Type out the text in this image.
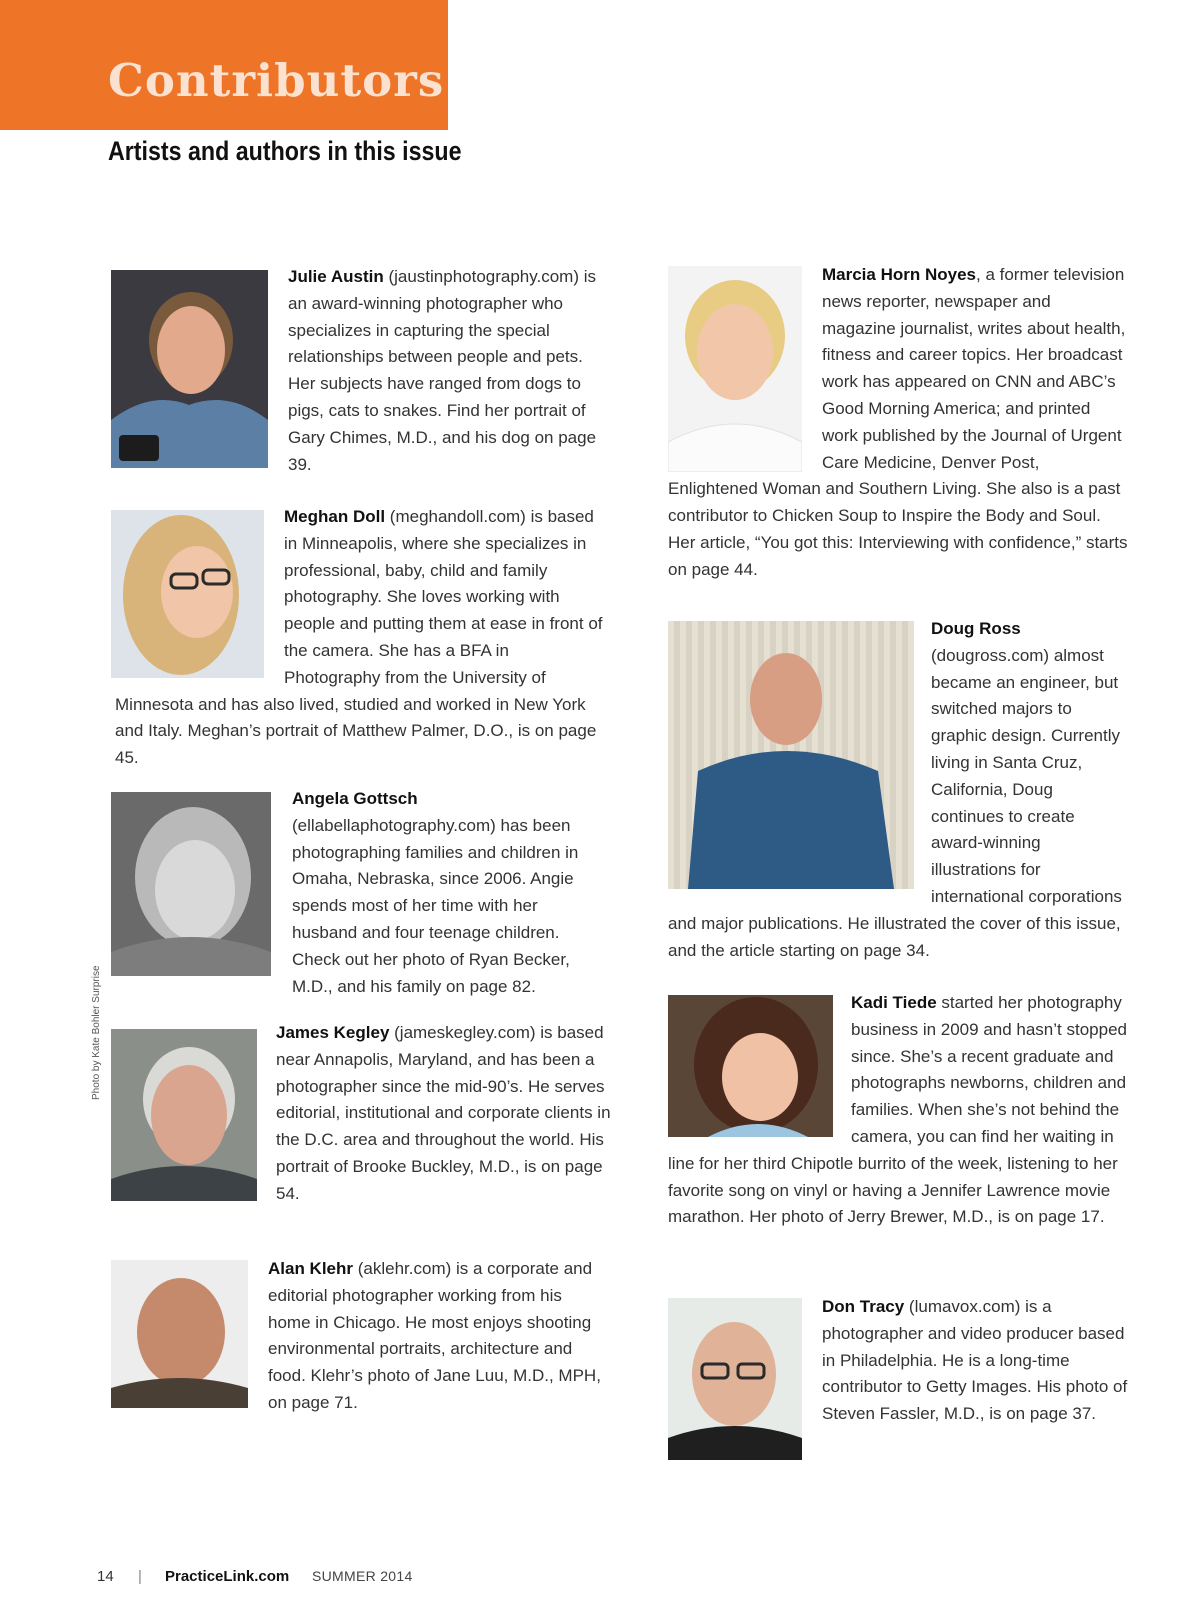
Contributors
Artists and authors in this issue

Julie Austin (jaustinphotography.com) is an award-winning photographer who specializes in capturing the special relationships between people and pets. Her subjects have ranged from dogs to pigs, cats to snakes. Find her portrait of Gary Chimes, M.D., and his dog on page 39.

Meghan Doll (meghandoll.com) is based in Minneapolis, where she specializes in professional, baby, child and family photography. She loves working with people and putting them at ease in front of the camera. She has a BFA in Photography from the University of Minnesota and has also lived, studied and worked in New York and Italy. Meghan’s portrait of Matthew Palmer, D.O., is on page 45.

Angela Gottsch (ellabellaphotography.com) has been photographing families and children in Omaha, Nebraska, since 2006. Angie spends most of her time with her husband and four teenage children. Check out her photo of Ryan Becker, M.D., and his family on page 82.

James Kegley (jameskegley.com) is based near Annapolis, Maryland, and has been a photographer since the mid-90’s. He serves editorial, institutional and corporate clients in the D.C. area and throughout the world. His portrait of Brooke Buckley, M.D., is on page 54.

Photo by Kate Bohler Surprise

Alan Klehr (aklehr.com) is a corporate and editorial photographer working from his home in Chicago. He most enjoys shooting environmental portraits, architecture and food. Klehr’s photo of Jane Luu, M.D., MPH, on page 71.

Marcia Horn Noyes, a former television news reporter, newspaper and magazine journalist, writes about health, fitness and career topics. Her broadcast work has appeared on CNN and ABC’s Good Morning America; and printed work published by the Journal of Urgent Care Medicine, Denver Post, Enlightened Woman and Southern Living. She also is a past contributor to Chicken Soup to Inspire the Body and Soul. Her article, “You got this: Interviewing with confidence,” starts on page 44.

Doug Ross (dougross.com) almost became an engineer, but switched majors to graphic design. Currently living in Santa Cruz, California, Doug continues to create award-winning illustrations for international corporations and major publications. He illustrated the cover of this issue, and the article starting on page 34.

Kadi Tiede started her photography business in 2009 and hasn’t stopped since. She’s a recent graduate and photographs newborns, children and families. When she’s not behind the camera, you can find her waiting in line for her third Chipotle burrito of the week, listening to her favorite song on vinyl or having a Jennifer Lawrence movie marathon. Her photo of Jerry Brewer, M.D., is on page 17.

Don Tracy (lumavox.com) is a photographer and video producer based in Philadelphia. He is a long-time contributor to Getty Images. His photo of Steven Fassler, M.D., is on page 37.

14 | PracticeLink.com SUMMER 2014
